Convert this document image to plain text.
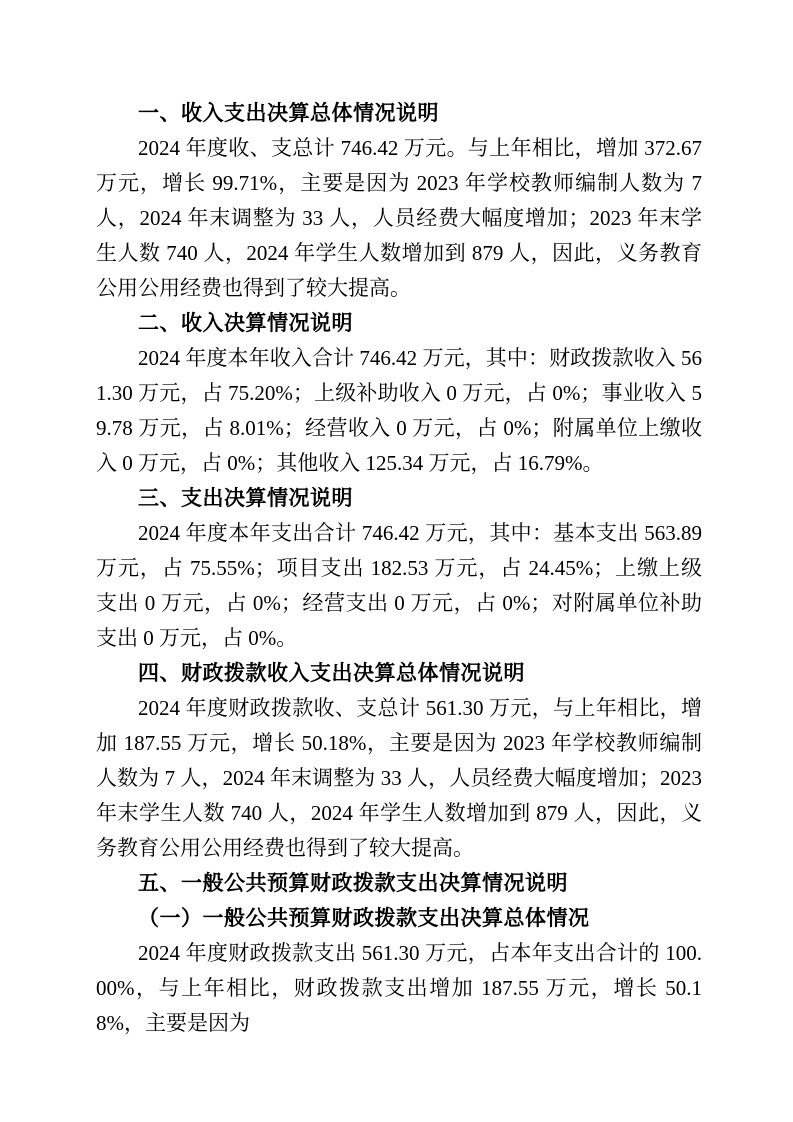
一、收入支出决算总体情况说明

2024 年度收、支总计 746.42 万元。与上年相比，增加 372.67 万元，增长 99.71%，主要是因为 2023 年学校教师编制人数为 7 人，2024 年末调整为 33 人，人员经费大幅度增加；2023 年末学生人数 740 人，2024 年学生人数增加到 879 人，因此，义务教育公用公用经费也得到了较大提高。

二、收入决算情况说明

2024 年度本年收入合计 746.42 万元，其中：财政拨款收入 561.30 万元，占 75.20%；上级补助收入 0 万元，占 0%；事业收入 59.78 万元，占 8.01%；经营收入 0 万元，占 0%；附属单位上缴收入 0 万元，占 0%；其他收入 125.34 万元，占 16.79%。

三、支出决算情况说明

2024 年度本年支出合计 746.42 万元，其中：基本支出 563.89 万元，占 75.55%；项目支出 182.53 万元，占 24.45%；上缴上级支出 0 万元，占 0%；经营支出 0 万元，占 0%；对附属单位补助支出 0 万元，占 0%。

四、财政拨款收入支出决算总体情况说明

2024 年度财政拨款收、支总计 561.30 万元，与上年相比，增加 187.55 万元，增长 50.18%，主要是因为 2023 年学校教师编制人数为 7 人，2024 年末调整为 33 人，人员经费大幅度增加；2023 年末学生人数 740 人，2024 年学生人数增加到 879 人，因此，义务教育公用公用经费也得到了较大提高。

五、一般公共预算财政拨款支出决算情况说明
（一）一般公共预算财政拨款支出决算总体情况

2024 年度财政拨款支出 561.30 万元，占本年支出合计的 100.00%，与上年相比，财政拨款支出增加 187.55 万元，增长 50.18%，主要是因为
